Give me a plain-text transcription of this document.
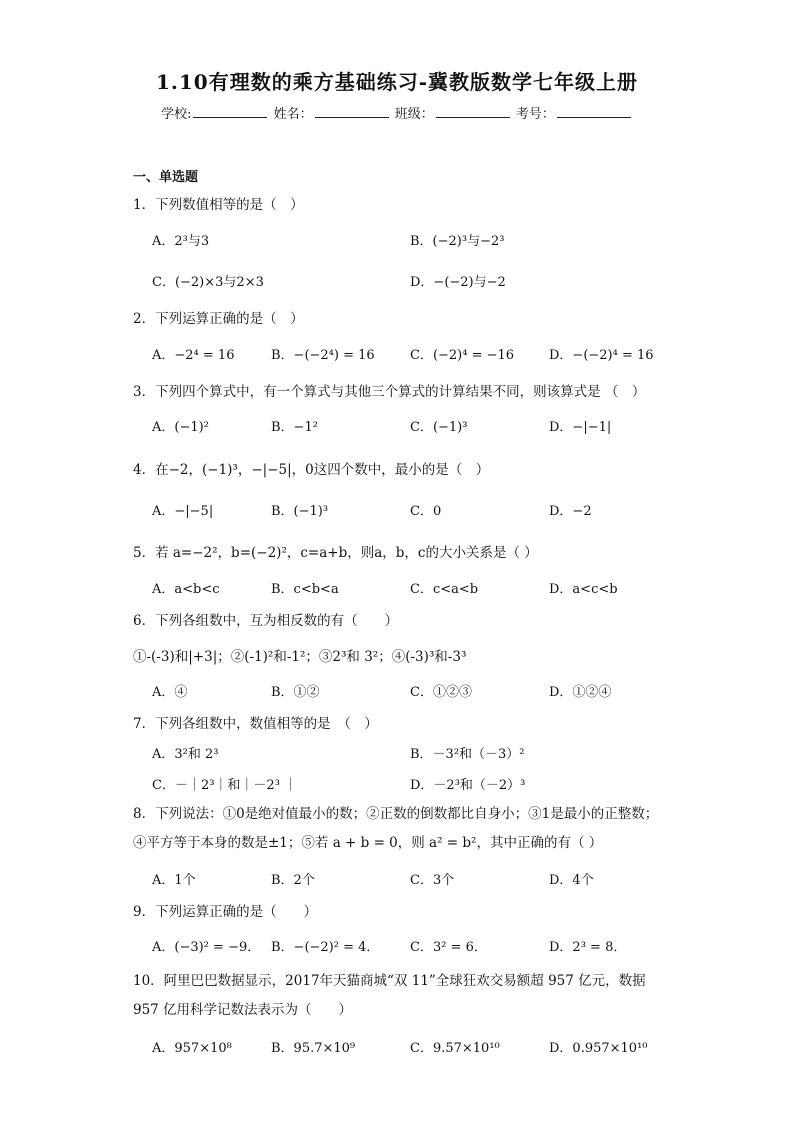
1.10有理数的乘方基础练习-冀教版数学七年级上册
学校:	姓名：	班级：	考号：
一、单选题
1．下列数值相等的是（　）
A．2³与3	B．(−2)³与−2³
C．(−2)×3与2×3	D．−(−2)与−2
2．下列运算正确的是（　）
A．−2⁴ = 16	B．−(−2⁴) = 16	C．(−2)⁴ = −16	D．−(−2)⁴ = 16
3．下列四个算式中，有一个算式与其他三个算式的计算结果不同，则该算式是 （　）
A．(−1)²	B．−1²	C．(−1)³	D．−|−1|
4．在−2，(−1)³，−|−5|，0这四个数中，最小的是（　）
A．−|−5|	B．(−1)³	C．0	D．−2
5．若 a=−2²，b=(−2)²，c=a+b，则a，b，c的大小关系是（ ）
A．a<b<c	B．c<b<a	C．c<a<b	D．a<c<b
6．下列各组数中，互为相反数的有（　　）
①-(-3)和|+3|；②(-1)²和-1²；③2³和 3²；④(-3)³和-3³
A．④	B．①②	C．①②③	D．①②④
7．下列各组数中，数值相等的是　（　）
A．3²和 2³	B．－3²和（－3）²
C．－｜2³｜和｜－2³ ｜	D．－2³和（－2）³
8．下列说法：①0是绝对值最小的数；②正数的倒数都比自身小；③1是最小的正整数；④平方等于本身的数是±1；⑤若 a + b = 0，则 a² = b²，其中正确的有（ ）
A．1个	B．2个	C．3个	D．4个
9．下列运算正确的是（　　）
A．(−3)² = −9． B．−(−2)² = 4． C．3² = 6．	D．2³ = 8．
10．阿里巴巴数据显示，2017年天猫商城“双 11”全球狂欢交易额超 957 亿元，数据 957 亿用科学记数法表示为（　　）
A．957×10⁸	B．95.7×10⁹	C．9.57×10¹⁰	D．0.957×10¹⁰
